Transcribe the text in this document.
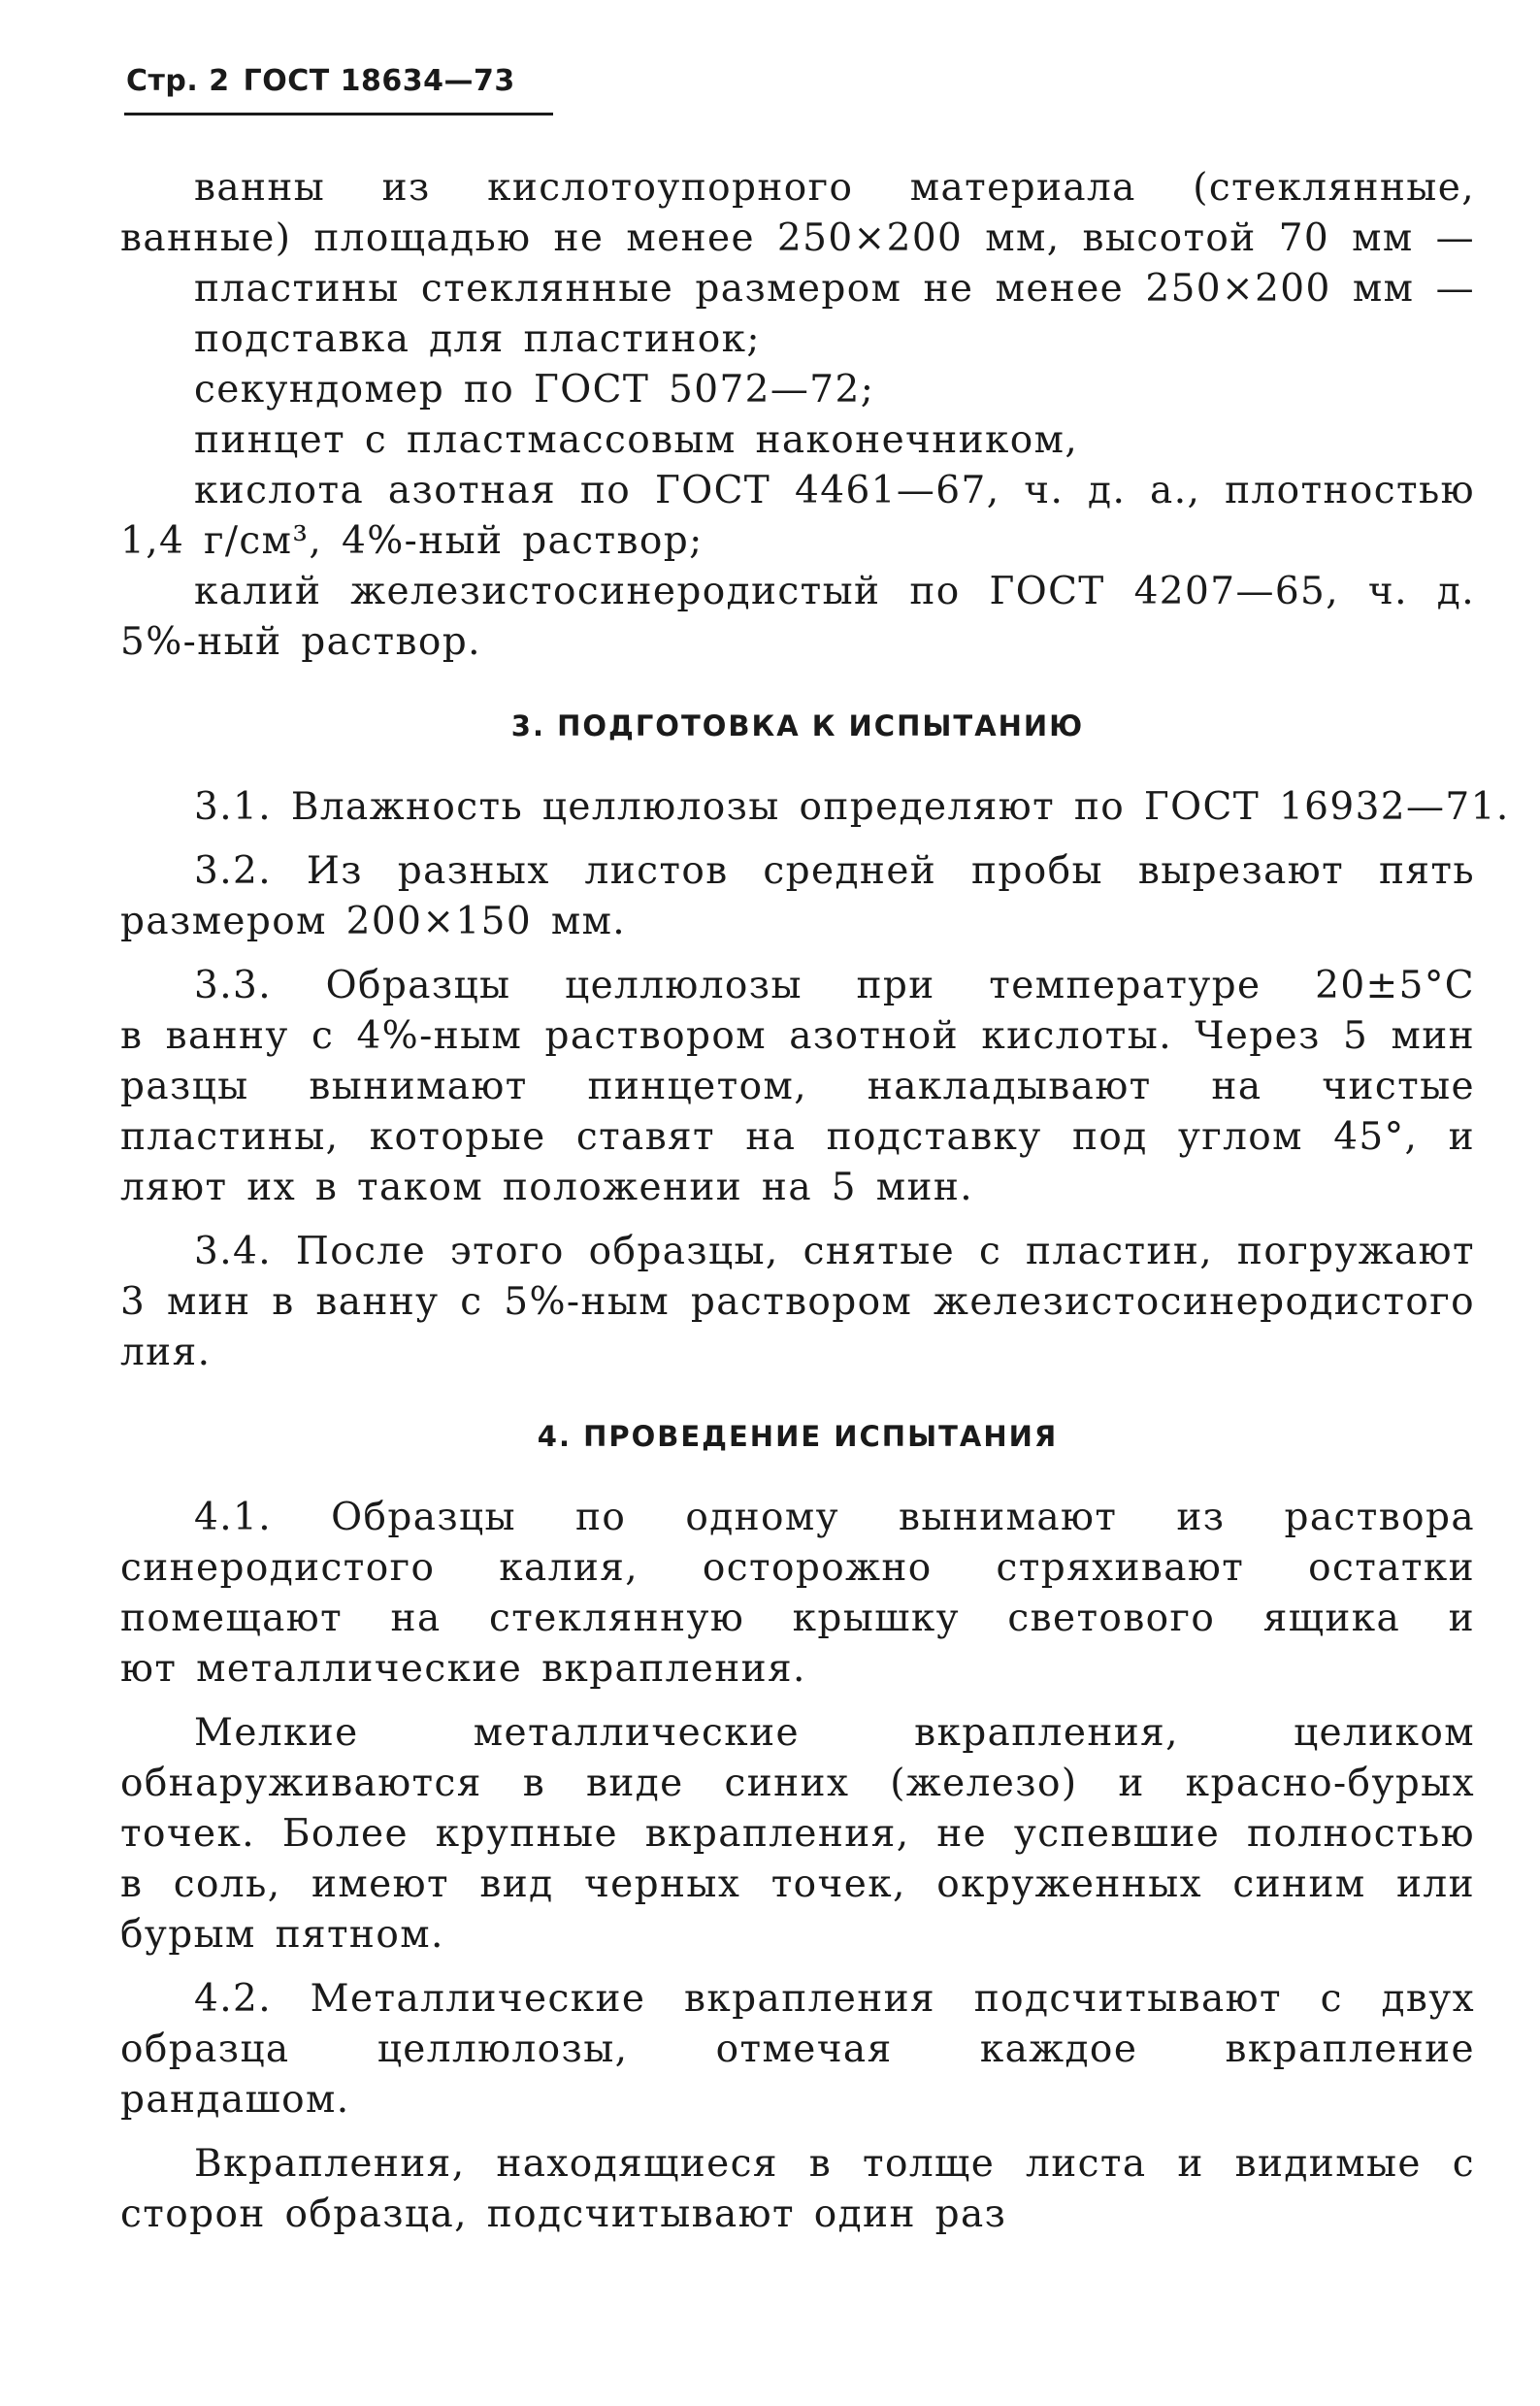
Стр. 2 ГОСТ 18634—73
ванны из кислотоупорного материала (стеклянные,
ванные) площадью не менее 250×200 мм, высотой 70 мм —
пластины стеклянные размером не менее 250×200 мм —
подставка для пластинок;
секундомер по ГОСТ 5072—72;
пинцет с пластмассовым наконечником,
кислота азотная по ГОСТ 4461—67, ч. д. а., плотностью
1,4 г/см³, 4%-ный раствор;
калий железистосинеродистый по ГОСТ 4207—65, ч. д.
5%-ный раствор.
3. ПОДГОТОВКА К ИСПЫТАНИЮ
3.1. Влажность целлюлозы определяют по ГОСТ 16932—71.
3.2. Из разных листов средней пробы вырезают пять
размером 200×150 мм.
3.3. Образцы целлюлозы при температуре 20±5°С
в ванну с 4%-ным раствором азотной кислоты. Через 5 мин
разцы вынимают пинцетом, накладывают на чистые
пластины, которые ставят на подставку под углом 45°, и
ляют их в таком положении на 5 мин.
3.4. После этого образцы, снятые с пластин, погружают
3 мин в ванну с 5%-ным раствором железистосинеродистого
лия.
4. ПРОВЕДЕНИЕ ИСПЫТАНИЯ
4.1. Образцы по одному вынимают из раствора
синеродистого калия, осторожно стряхивают остатки
помещают на стеклянную крышку светового ящика и
ют металлические вкрапления.
Мелкие металлические вкрапления, целиком
обнаруживаются в виде синих (железо) и красно-бурых
точек. Более крупные вкрапления, не успевшие полностью
в соль, имеют вид черных точек, окруженных синим или
бурым пятном.
4.2. Металлические вкрапления подсчитывают с двух
образца целлюлозы, отмечая каждое вкрапление
рандашом.
Вкрапления, находящиеся в толще листа и видимые с
сторон образца, подсчитывают один раз
